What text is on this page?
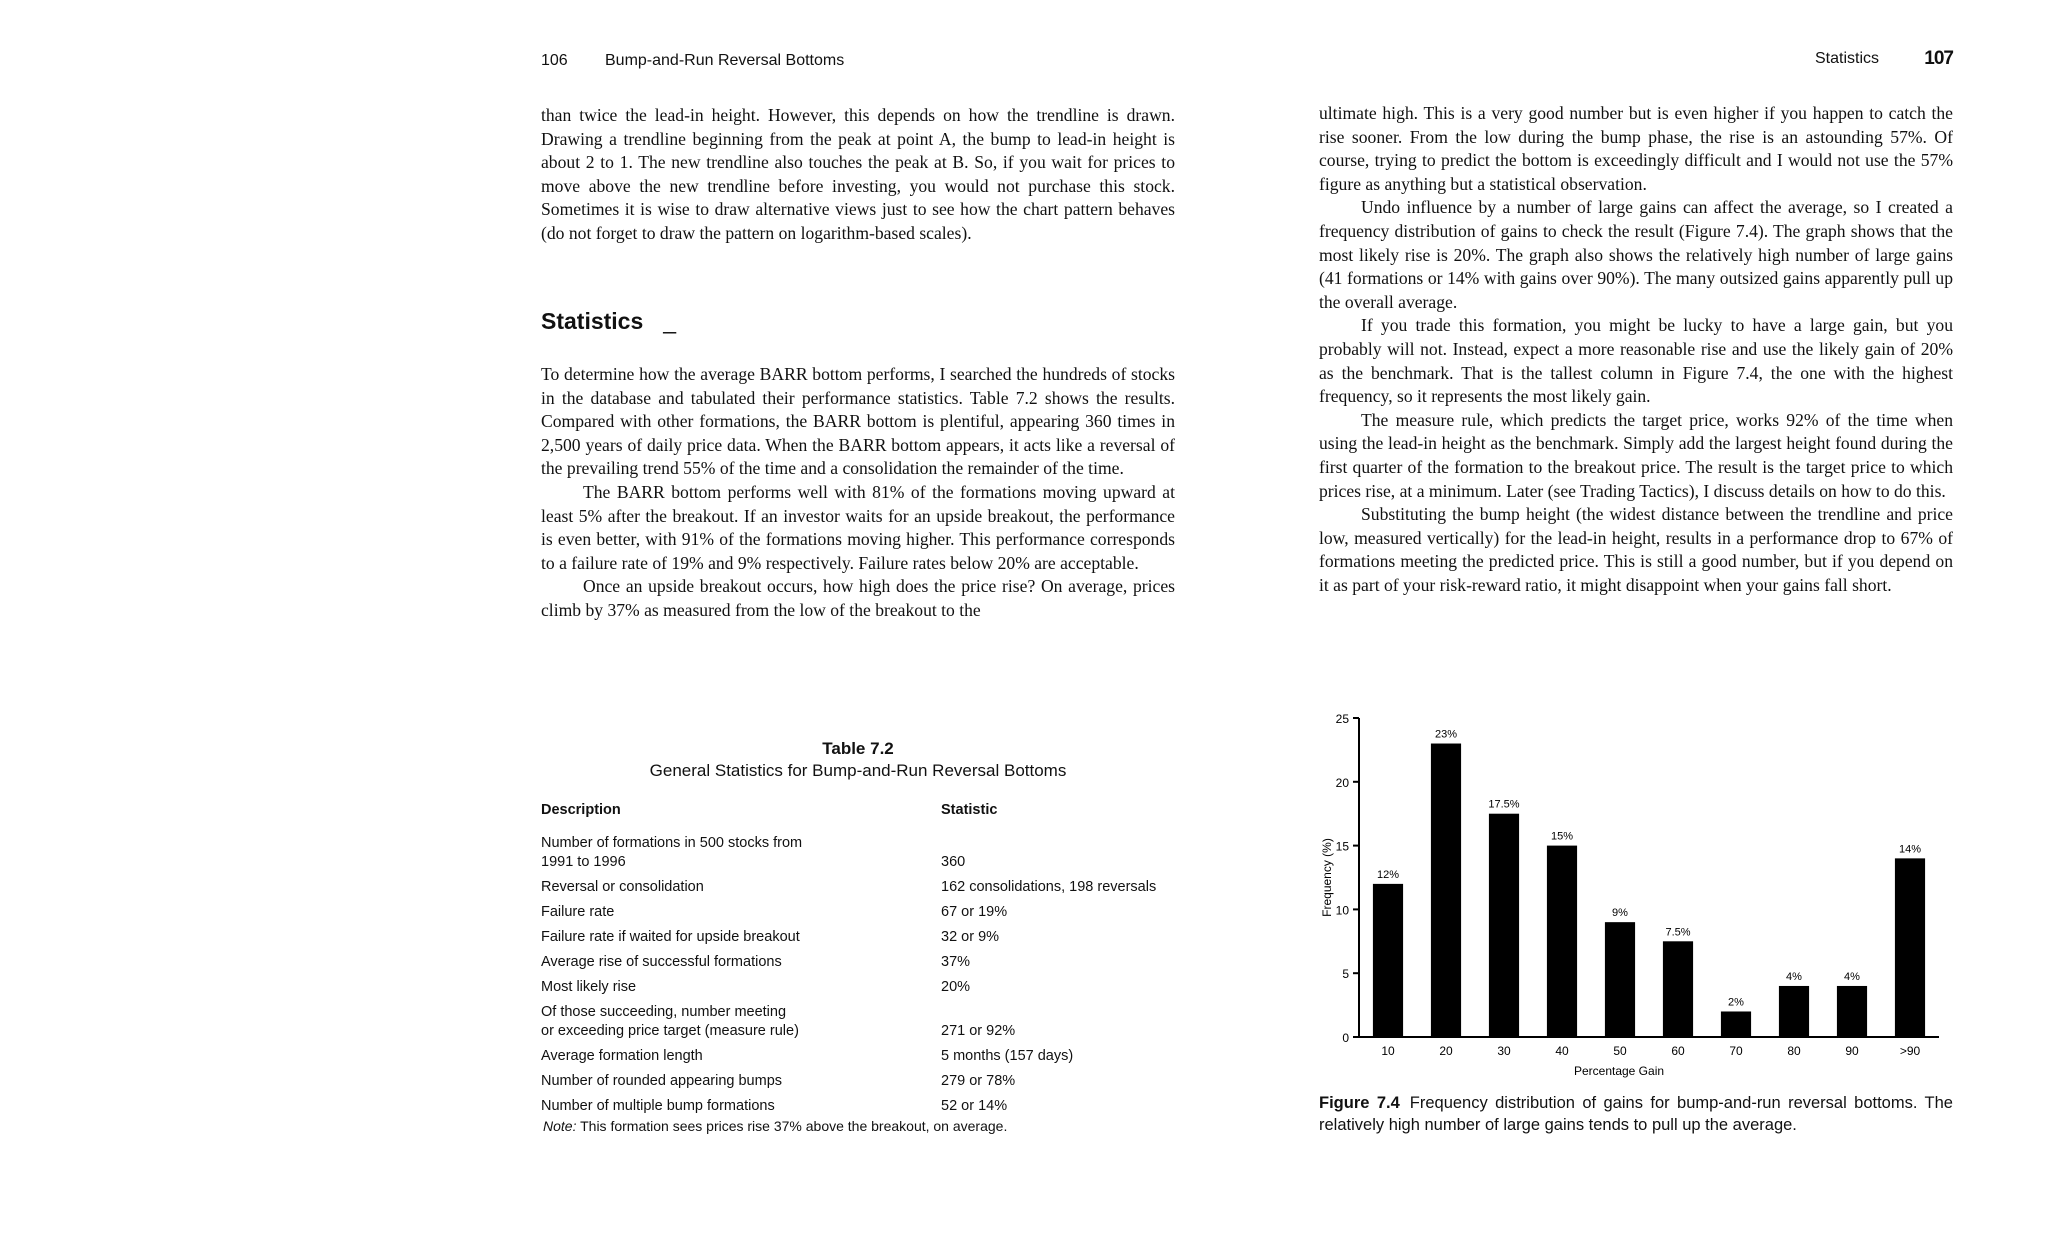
106 Bump-and-Run Reversal Bottoms

than twice the lead-in height. However, this depends on how the trendline is drawn. Drawing a trendline beginning from the peak at point A, the bump to lead-in height is about 2 to 1. The new trendline also touches the peak at B. So, if you wait for prices to move above the new trendline before investing, you would not purchase this stock. Sometimes it is wise to draw alternative views just to see how the chart pattern behaves (do not forget to draw the pattern on logarithm-based scales).

Statistics _

To determine how the average BARR bottom performs, I searched the hundreds of stocks in the database and tabulated their performance statistics. Table 7.2 shows the results. Compared with other formations, the BARR bottom is plentiful, appearing 360 times in 2,500 years of daily price data. When the BARR bottom appears, it acts like a reversal of the prevailing trend 55% of the time and a consolidation the remainder of the time.

The BARR bottom performs well with 81% of the formations moving upward at least 5% after the breakout. If an investor waits for an upside breakout, the performance is even better, with 91% of the formations moving higher. This performance corresponds to a failure rate of 19% and 9% respectively. Failure rates below 20% are acceptable.

Once an upside breakout occurs, how high does the price rise? On average, prices climb by 37% as measured from the low of the breakout to the

Table 7.2
General Statistics for Bump-and-Run Reversal Bottoms
Description	Statistic
Number of formations in 500 stocks from
1991 to 1996	360
Reversal or consolidation	162 consolidations, 198 reversals
Failure rate	67 or 19%
Failure rate if waited for upside breakout	32 or 9%
Average rise of successful formations	37%
Most likely rise	20%
Of those succeeding, number meeting
or exceeding price target (measure rule)	271 or 92%
Average formation length	5 months (157 days)
Number of rounded appearing bumps	279 or 78%
Number of multiple bump formations	52 or 14%
Note: This formation sees prices rise 37% above the breakout, on average.
Statistics 107

ultimate high. This is a very good number but is even higher if you happen to catch the rise sooner. From the low during the bump phase, the rise is an astounding 57%. Of course, trying to predict the bottom is exceedingly difficult and I would not use the 57% figure as anything but a statistical observation.

Undo influence by a number of large gains can affect the average, so I created a frequency distribution of gains to check the result (Figure 7.4). The graph shows that the most likely rise is 20%. The graph also shows the relatively high number of large gains (41 formations or 14% with gains over 90%). The many outsized gains apparently pull up the overall average.

If you trade this formation, you might be lucky to have a large gain, but you probably will not. Instead, expect a more reasonable rise and use the likely gain of 20% as the benchmark. That is the tallest column in Figure 7.4, the one with the highest frequency, so it represents the most likely gain.

The measure rule, which predicts the target price, works 92% of the time when using the lead-in height as the benchmark. Simply add the largest height found during the first quarter of the formation to the breakout price. The result is the target price to which prices rise, at a minimum. Later (see Trading Tactics), I discuss details on how to do this.

Substituting the bump height (the widest distance between the trendline and price low, measured vertically) for the lead-in height, results in a performance drop to 67% of formations meeting the predicted price. This is still a good number, but if you depend on it as part of your risk-reward ratio, it might disappoint when your gains fall short.

0
5
10
15
20
25
12%
10
23%
20
17.5%
30
15%
40
9%
50
7.5%
60
2%
70
4%
80
4%
90
14%
>90
Percentage Gain
Frequency (%)
Figure 7.4 Frequency distribution of gains for bump-and-run reversal bottoms. The relatively high number of large gains tends to pull up the average.
